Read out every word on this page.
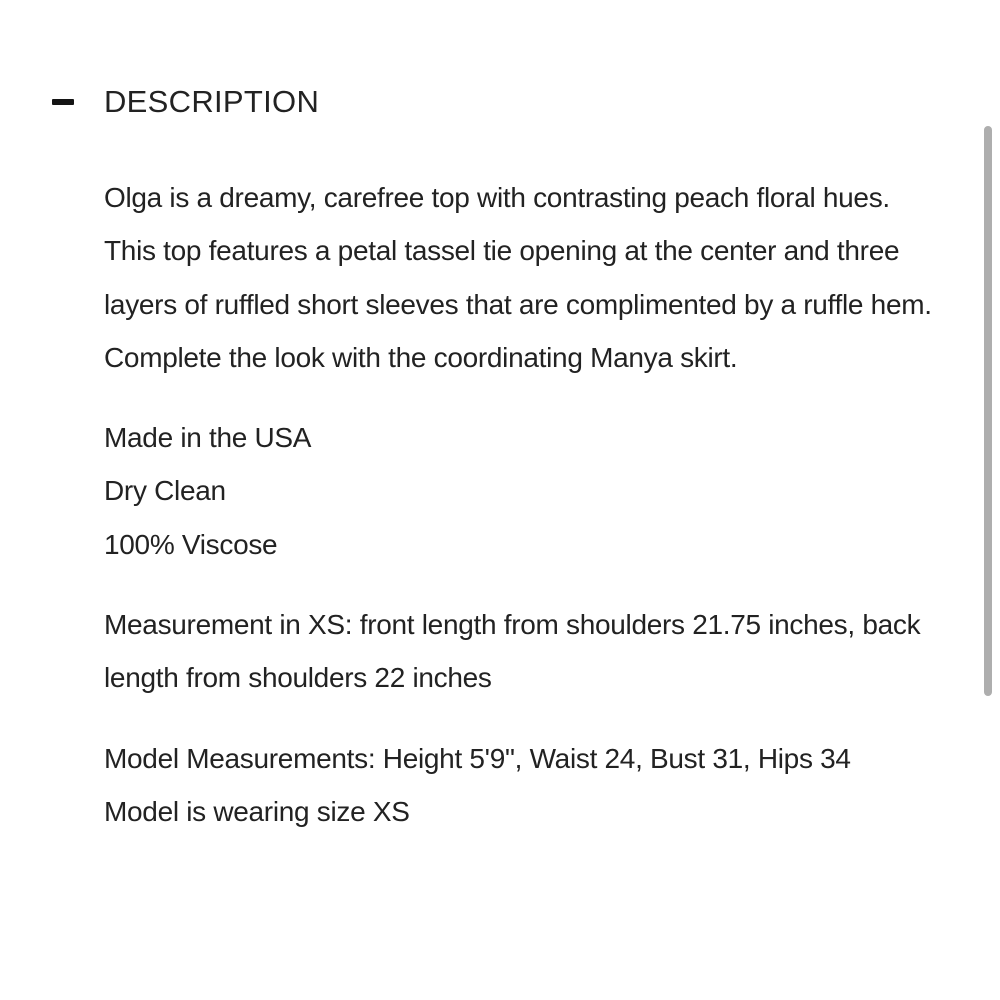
DESCRIPTION

Olga is a dreamy, carefree top with contrasting peach floral hues. This top features a petal tassel tie opening at the center and three layers of ruffled short sleeves that are complimented by a ruffle hem. Complete the look with the coordinating Manya skirt.

Made in the USA

Dry Clean

100% Viscose

Measurement in XS: front length from shoulders 21.75 inches, back length from shoulders 22 inches

Model Measurements: Height 5'9", Waist 24, Bust 31, Hips 34

Model is wearing size XS
